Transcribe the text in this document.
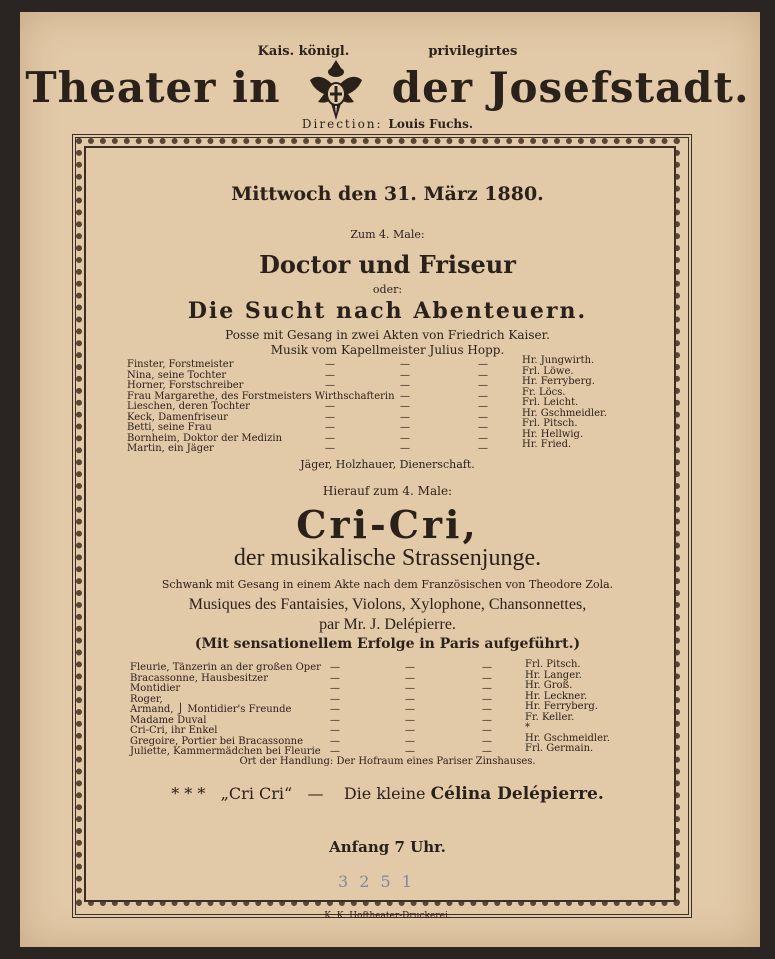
Kais. königl.	privilegirtes
Theater in	der Josefstadt.
Direction: Louis Fuchs.
Mittwoch den 31. März 1880.
Zum 4. Male:
Doctor und Friseur
oder:
Die Sucht nach Abenteuern.
Posse mit Gesang in zwei Akten von Friedrich Kaiser.
Musik vom Kapellmeister Julius Hopp.
Finster, Forstmeister
Nina, seine Tochter
Horner, Forstschreiber
Frau Margarethe, des Forstmeisters Wirthschafterin
Lieschen, deren Tochter
Keck, Damenfriseur
Betti, seine Frau
Bornheim, Doktor der Medizin
Martin, ein Jäger
—
—
—

—
—
—
—
—
—
—
—
—
—
—
—
—
—
—
—
—
—
—
—
—
—
—
Hr. Jungwirth.
Frl. Löwe.
Hr. Ferryberg.
Fr. Löcs.
Frl. Leicht.
Hr. Gschmeidler.
Frl. Pitsch.
Hr. Hellwig.
Hr. Fried.
Jäger, Holzhauer, Dienerschaft.
Hierauf zum 4. Male:
Cri-Cri,
der musikalische Strassenjunge.
Schwank mit Gesang in einem Akte nach dem Französischen von Theodore Zola.
Musiques des Fantaisies, Violons, Xylophone, Chansonnettes,
par Mr. J. Delépierre.
(Mit sensationellem Erfolge in Paris aufgeführt.)
Fleurie, Tänzerin an der großen Oper
Bracassonne, Hausbesitzer
Montidier
Roger,
Armand, ⎭ Montidier's Freunde
Madame Duval
Cri-Cri, ihr Enkel
Gregoire, Portier bei Bracassonne
Juliette, Kammermädchen bei Fleurie
—
—
—
—
—
—
—
—
—
—
—
—
—
—
—
—
—
—
—
—
—
—
—
—
—
—
—
Frl. Pitsch.
Hr. Langer.
Hr. Groß.
Hr. Leckner.
Hr. Ferryberg.
Fr. Keller.
*
Hr. Gschmeidler.
Frl. Germain.
Ort der Handlung: Der Hofraum eines Pariser Zinshauses.
* * * „Cri Cri“ — Die kleine Célina Delépierre.
Anfang 7 Uhr.
3 2 5 1
K. K. Hoftheater-Druckerei.
